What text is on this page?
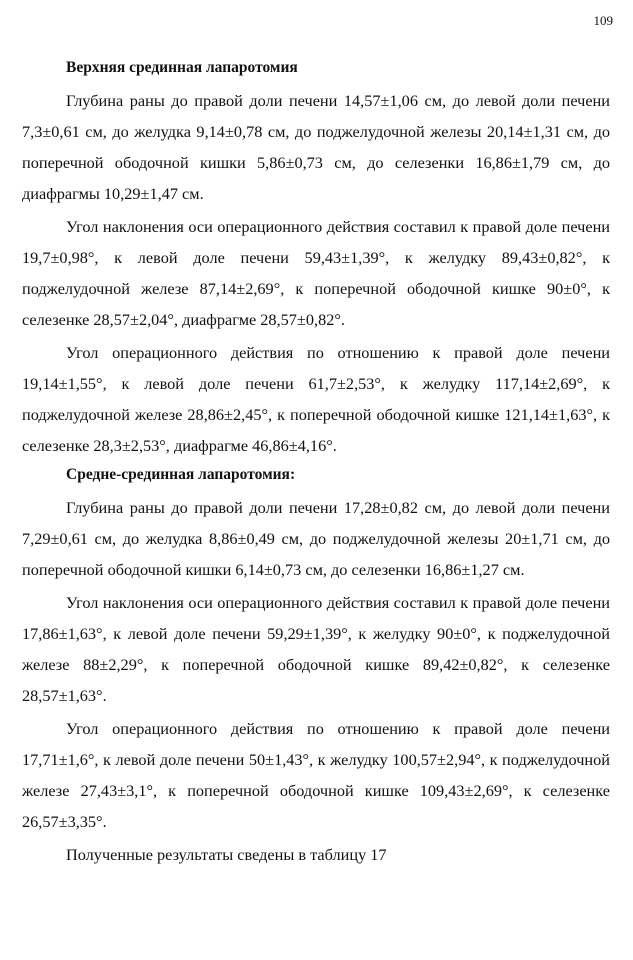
109

Верхняя срединная лапаротомия

Глубина раны до правой доли печени 14,57±1,06 см, до левой доли печени 7,3±0,61 см, до желудка 9,14±0,78 см, до поджелудочной железы 20,14±1,31 см, до поперечной ободочной кишки 5,86±0,73 см, до селезенки 16,86±1,79 см, до диафрагмы 10,29±1,47 см.

Угол наклонения оси операционного действия составил к правой доле печени 19,7±0,98°, к левой доле печени 59,43±1,39°, к желудку 89,43±0,82°, к поджелудочной железе 87,14±2,69°, к поперечной ободочной кишке 90±0°, к селезенке 28,57±2,04°, диафрагме 28,57±0,82°.

Угол операционного действия по отношению к правой доле печени 19,14±1,55°, к левой доле печени 61,7±2,53°, к желудку 117,14±2,69°, к поджелудочной железе 28,86±2,45°, к поперечной ободочной кишке 121,14±1,63°, к селезенке 28,3±2,53°, диафрагме 46,86±4,16°.

Средне-срединная лапаротомия:

Глубина раны до правой доли печени 17,28±0,82 см, до левой доли печени 7,29±0,61 см, до желудка 8,86±0,49 см, до поджелудочной железы 20±1,71 см, до поперечной ободочной кишки 6,14±0,73 см, до селезенки 16,86±1,27 см.

Угол наклонения оси операционного действия составил к правой доле печени 17,86±1,63°, к левой доле печени 59,29±1,39°, к желудку 90±0°, к поджелудочной железе 88±2,29°, к поперечной ободочной кишке 89,42±0,82°, к селезенке 28,57±1,63°.

Угол операционного действия по отношению к правой доле печени 17,71±1,6°, к левой доле печени 50±1,43°, к желудку 100,57±2,94°, к поджелудочной железе 27,43±3,1°, к поперечной ободочной кишке 109,43±2,69°, к селезенке 26,57±3,35°.

Полученные результаты сведены в таблицу 17
